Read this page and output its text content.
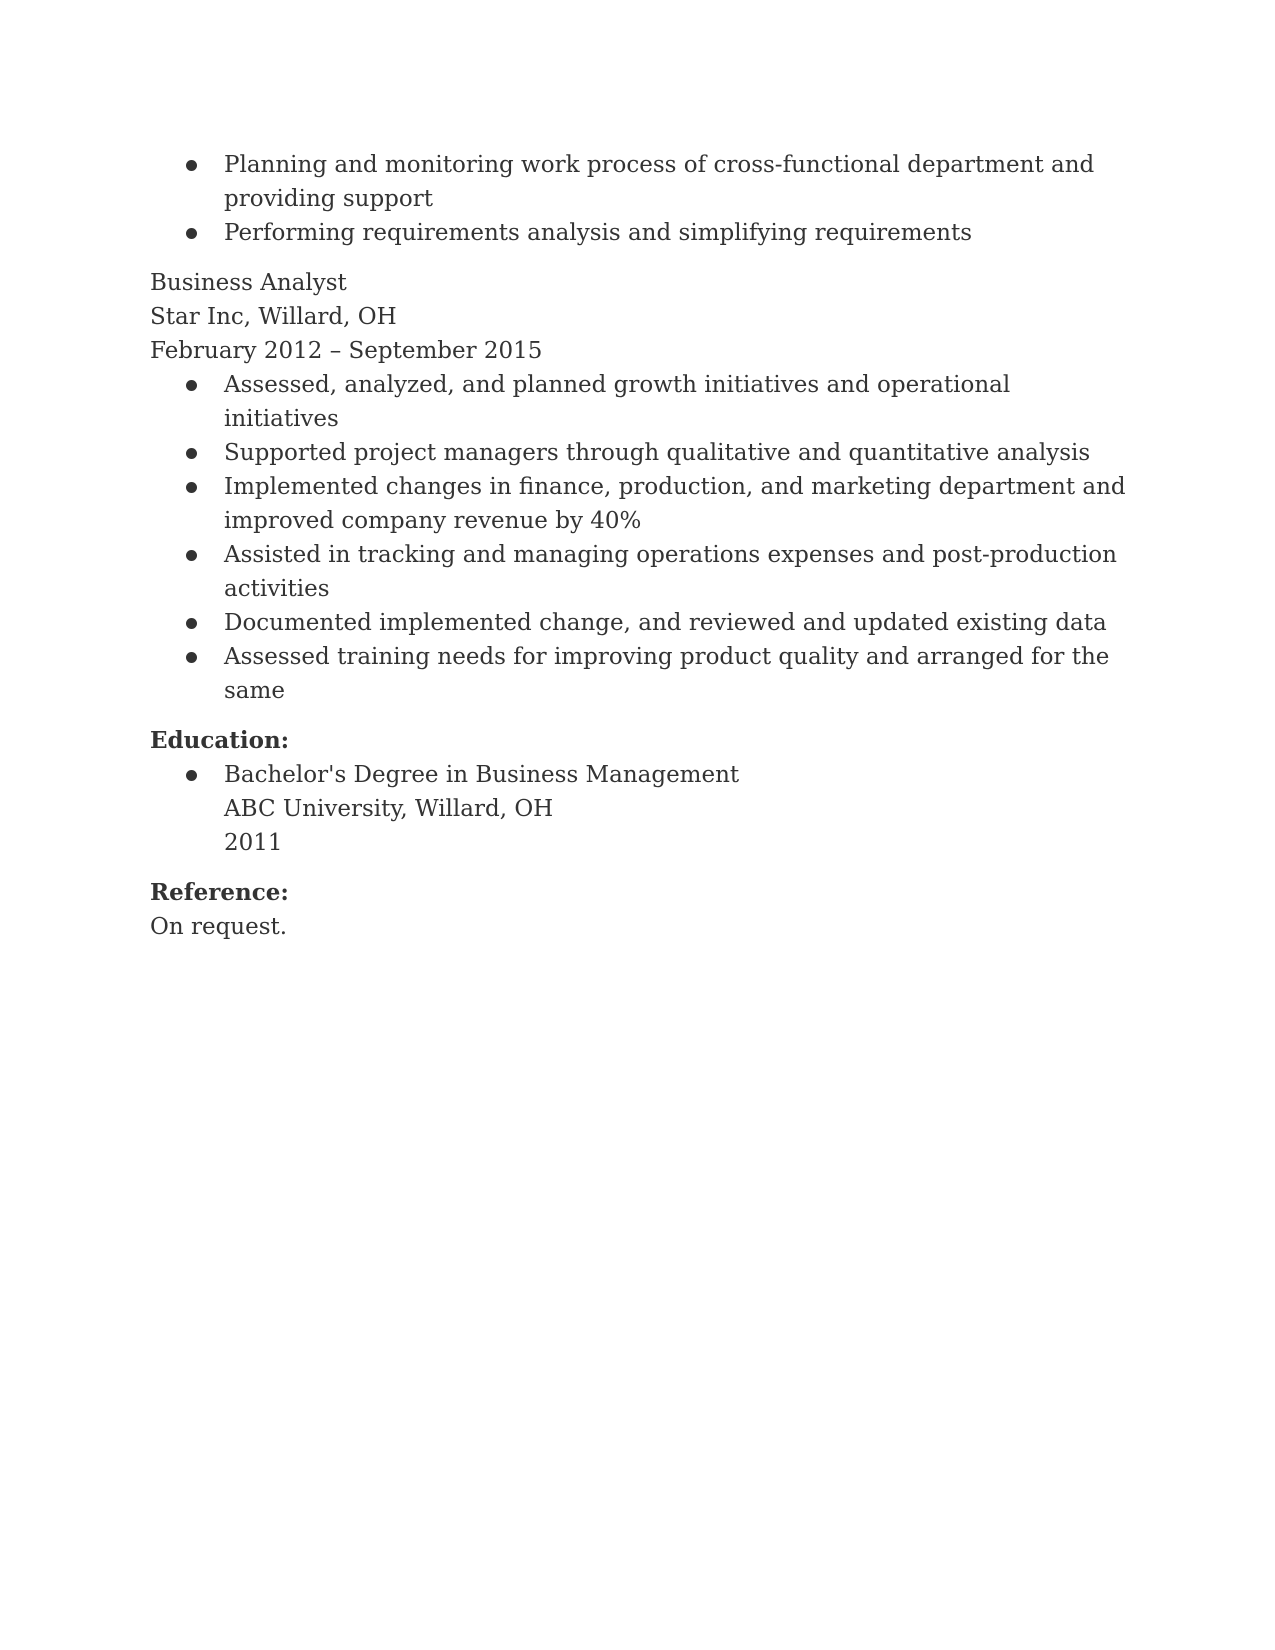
Planning and monitoring work process of cross-functional department and providing support
Performing requirements analysis and simplifying requirements
Business Analyst
Star Inc, Willard, OH
February 2012 – September 2015
Assessed, analyzed, and planned growth initiatives and operational initiatives
Supported project managers through qualitative and quantitative analysis
Implemented changes in finance, production, and marketing department and improved company revenue by 40%
Assisted in tracking and managing operations expenses and post-production activities
Documented implemented change, and reviewed and updated existing data
Assessed training needs for improving product quality and arranged for the same
Education:
Bachelor's Degree in Business Management
ABC University, Willard, OH
2011
Reference:
On request.
